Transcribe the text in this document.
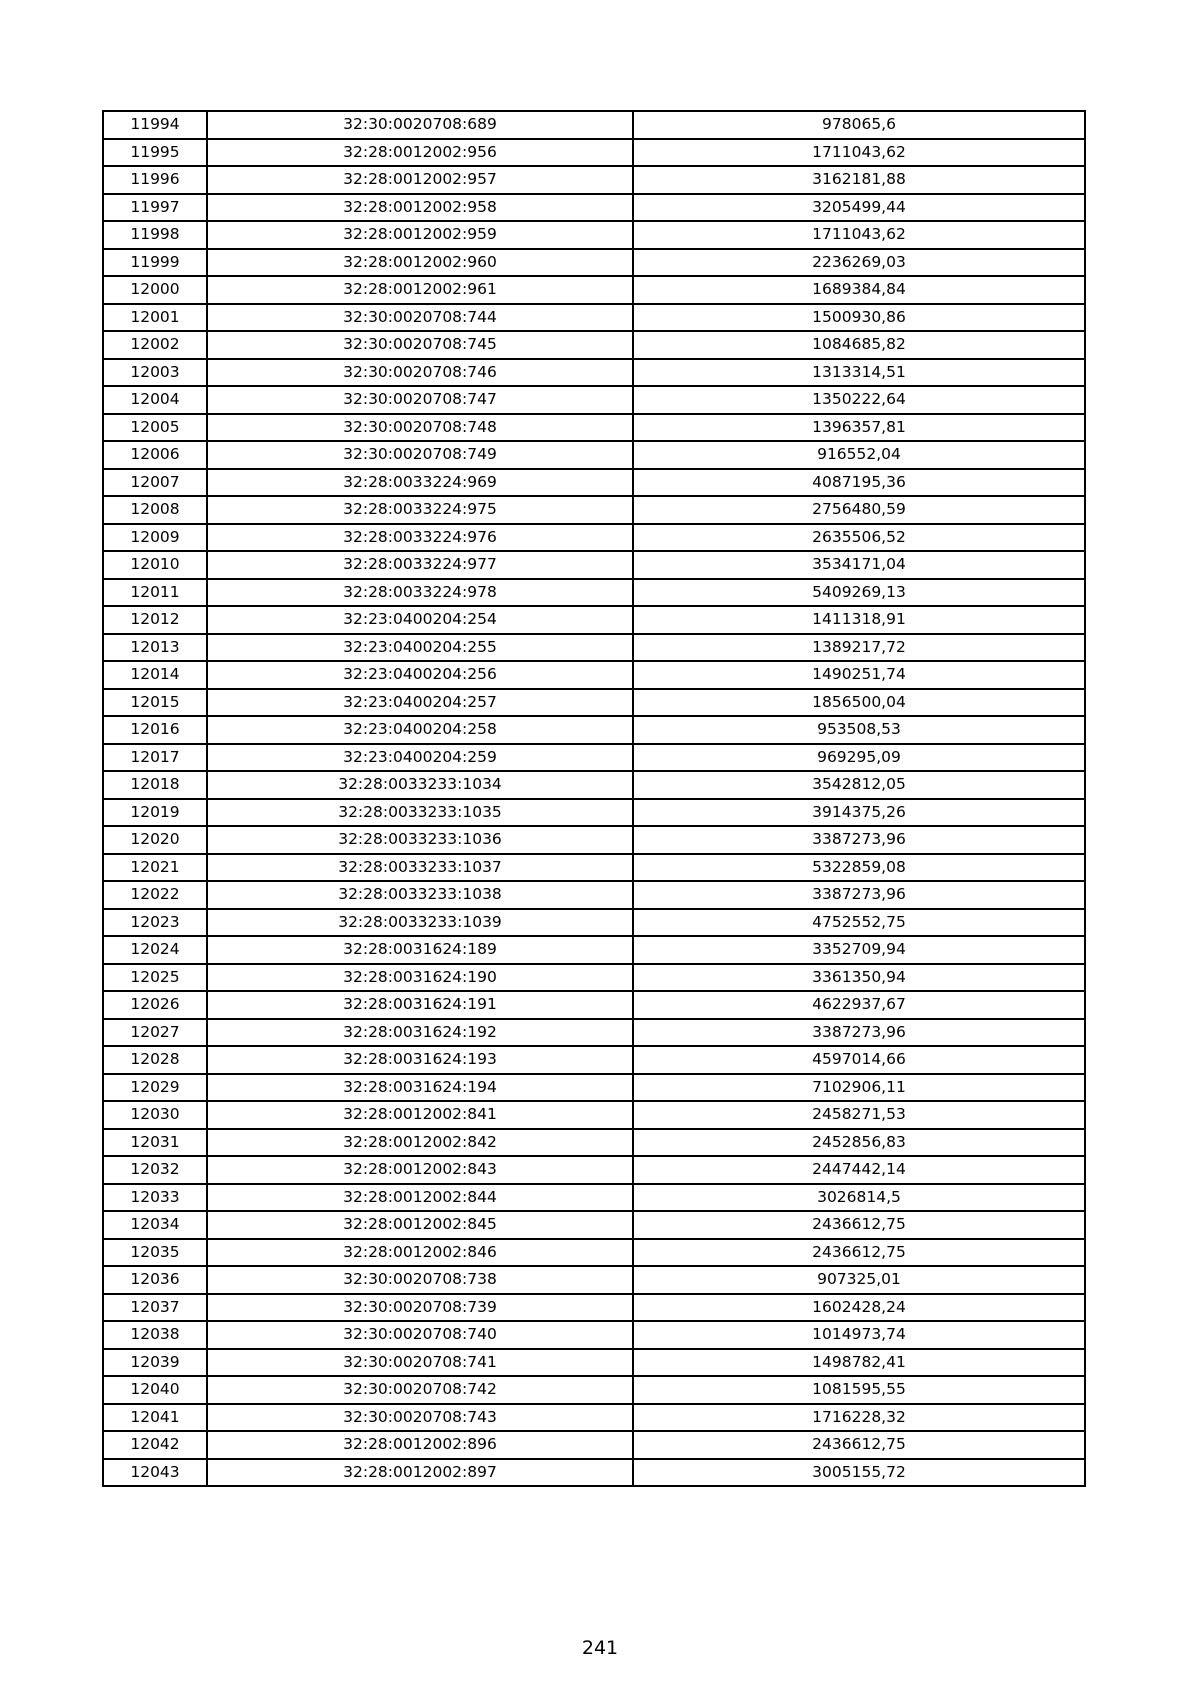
11994	32:30:0020708:689	978065,6
11995	32:28:0012002:956	1711043,62
11996	32:28:0012002:957	3162181,88
11997	32:28:0012002:958	3205499,44
11998	32:28:0012002:959	1711043,62
11999	32:28:0012002:960	2236269,03
12000	32:28:0012002:961	1689384,84
12001	32:30:0020708:744	1500930,86
12002	32:30:0020708:745	1084685,82
12003	32:30:0020708:746	1313314,51
12004	32:30:0020708:747	1350222,64
12005	32:30:0020708:748	1396357,81
12006	32:30:0020708:749	916552,04
12007	32:28:0033224:969	4087195,36
12008	32:28:0033224:975	2756480,59
12009	32:28:0033224:976	2635506,52
12010	32:28:0033224:977	3534171,04
12011	32:28:0033224:978	5409269,13
12012	32:23:0400204:254	1411318,91
12013	32:23:0400204:255	1389217,72
12014	32:23:0400204:256	1490251,74
12015	32:23:0400204:257	1856500,04
12016	32:23:0400204:258	953508,53
12017	32:23:0400204:259	969295,09
12018	32:28:0033233:1034	3542812,05
12019	32:28:0033233:1035	3914375,26
12020	32:28:0033233:1036	3387273,96
12021	32:28:0033233:1037	5322859,08
12022	32:28:0033233:1038	3387273,96
12023	32:28:0033233:1039	4752552,75
12024	32:28:0031624:189	3352709,94
12025	32:28:0031624:190	3361350,94
12026	32:28:0031624:191	4622937,67
12027	32:28:0031624:192	3387273,96
12028	32:28:0031624:193	4597014,66
12029	32:28:0031624:194	7102906,11
12030	32:28:0012002:841	2458271,53
12031	32:28:0012002:842	2452856,83
12032	32:28:0012002:843	2447442,14
12033	32:28:0012002:844	3026814,5
12034	32:28:0012002:845	2436612,75
12035	32:28:0012002:846	2436612,75
12036	32:30:0020708:738	907325,01
12037	32:30:0020708:739	1602428,24
12038	32:30:0020708:740	1014973,74
12039	32:30:0020708:741	1498782,41
12040	32:30:0020708:742	1081595,55
12041	32:30:0020708:743	1716228,32
12042	32:28:0012002:896	2436612,75
12043	32:28:0012002:897	3005155,72
241
